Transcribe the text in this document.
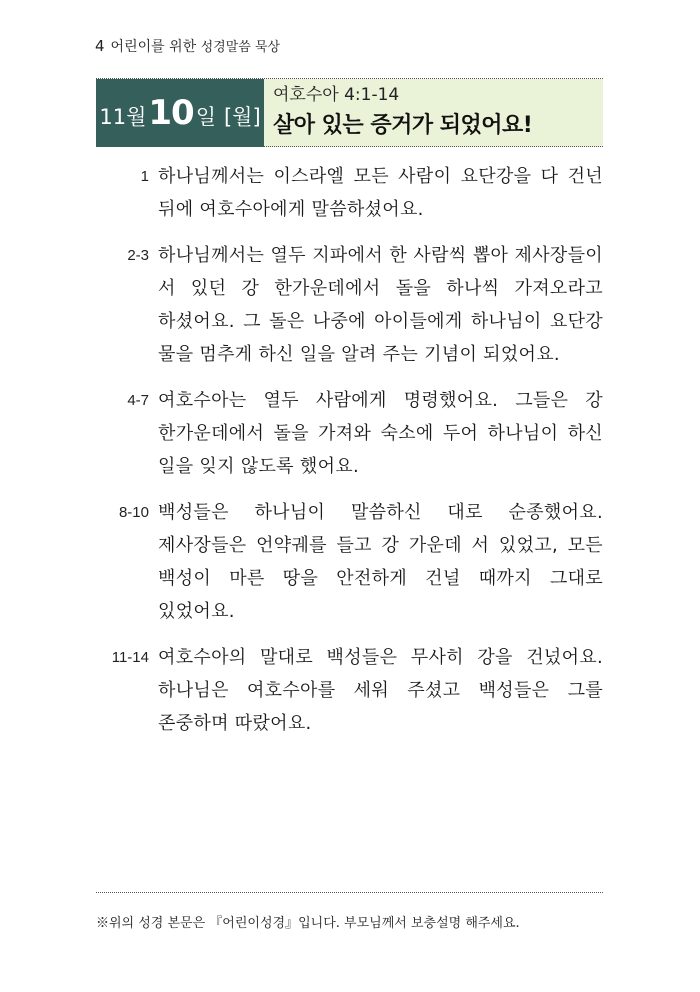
4 어린이를 위한 성경말씀 묵상
11월 10 일 [월]
여호수아 4:1-14
살아 있는 증거가 되었어요!
1 하나님께서는 이스라엘 모든 사람이 요단강을 다 건넌 뒤에 여호수아에게 말씀하셨어요.
2-3 하나님께서는 열두 지파에서 한 사람씩 뽑아 제사장들이 서 있던 강 한가운데에서 돌을 하나씩 가져오라고 하셨어요. 그 돌은 나중에 아이들에게 하나님이 요단강 물을 멈추게 하신 일을 알려 주는 기념이 되었어요.
4-7 여호수아는 열두 사람에게 명령했어요. 그들은 강 한가운데에서 돌을 가져와 숙소에 두어 하나님이 하신 일을 잊지 않도록 했어요.
8-10 백성들은 하나님이 말씀하신 대로 순종했어요. 제사장들은 언약궤를 들고 강 가운데 서 있었고, 모든 백성이 마른 땅을 안전하게 건널 때까지 그대로 있었어요.
11-14 여호수아의 말대로 백성들은 무사히 강을 건넜어요. 하나님은 여호수아를 세워 주셨고 백성들은 그를 존중하며 따랐어요.
※위의 성경 본문은 『어린이성경』입니다. 부모님께서 보충설명 해주세요.
